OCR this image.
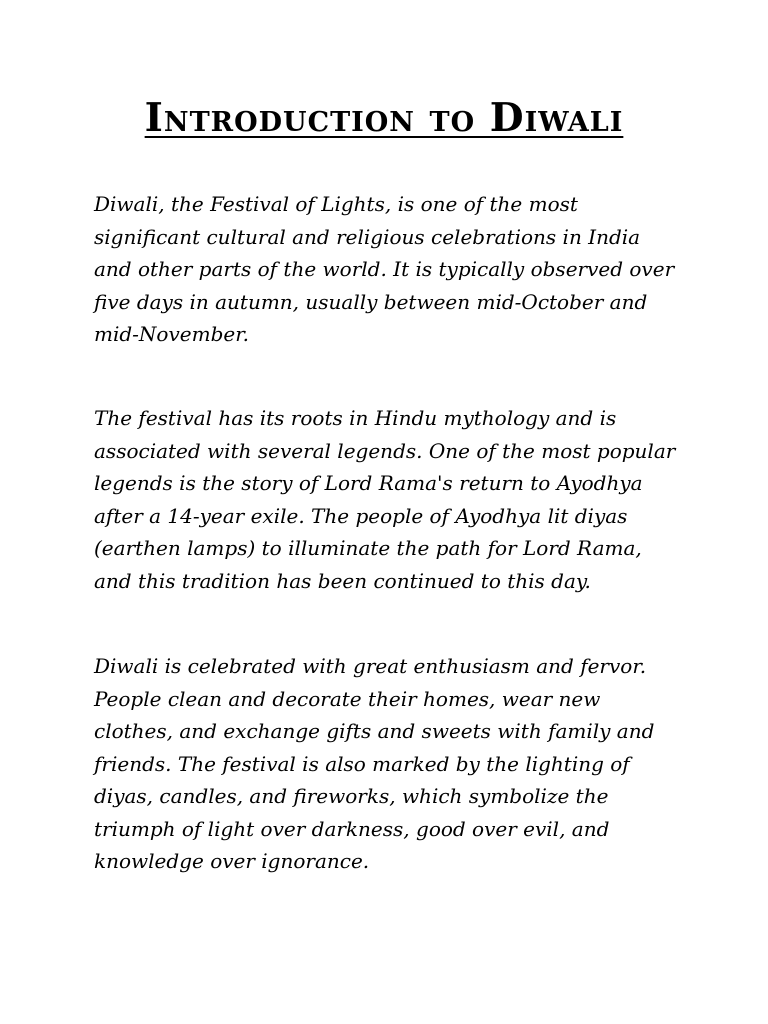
Introduction to Diwali

Diwali, the Festival of Lights, is one of the most significant cultural and religious celebrations in India and other parts of the world. It is typically observed over five days in autumn, usually between mid-October and mid-November.

The festival has its roots in Hindu mythology and is associated with several legends. One of the most popular legends is the story of Lord Rama's return to Ayodhya after a 14-year exile. The people of Ayodhya lit diyas (earthen lamps) to illuminate the path for Lord Rama, and this tradition has been continued to this day.

Diwali is celebrated with great enthusiasm and fervor. People clean and decorate their homes, wear new clothes, and exchange gifts and sweets with family and friends. The festival is also marked by the lighting of diyas, candles, and fireworks, which symbolize the triumph of light over darkness, good over evil, and knowledge over ignorance.
